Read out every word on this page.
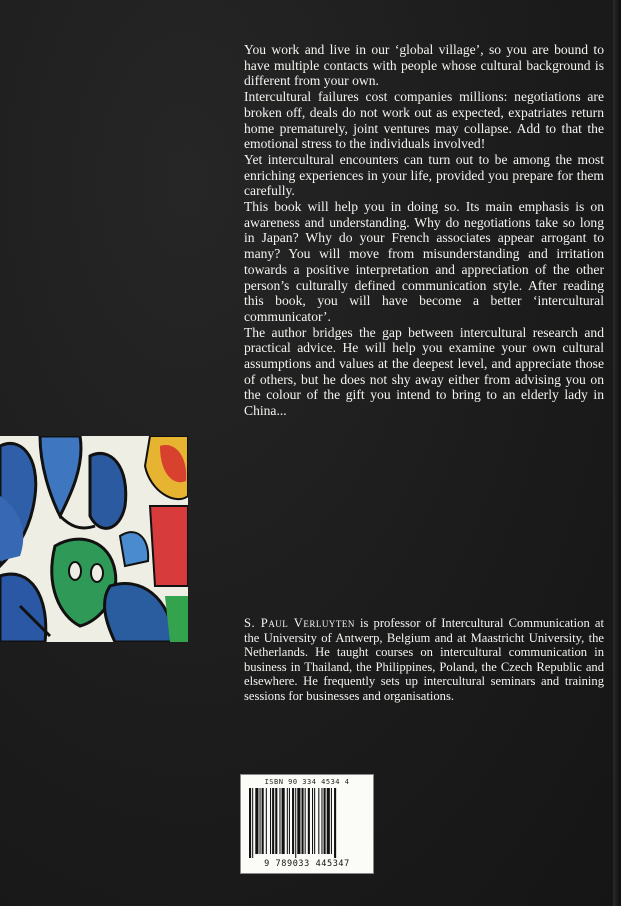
You work and live in our ‘global village’, so you are bound to have multiple contacts with people whose cultural background is different from your own.

Intercultural failures cost companies millions: negotiations are broken off, deals do not work out as expected, expatriates return home prematurely, joint ventures may collapse. Add to that the emotional stress to the individuals involved!

Yet intercultural encounters can turn out to be among the most enriching experiences in your life, provided you prepare for them carefully.

This book will help you in doing so. Its main emphasis is on awareness and understanding. Why do negotiations take so long in Japan? Why do your French associates appear arrogant to many? You will move from misunderstanding and irritation towards a positive interpretation and appreciation of the other person’s culturally defined communication style. After reading this book, you will have become a better ‘intercultural communicator’.

The author bridges the gap between intercultural research and practical advice. He will help you examine your own cultural assumptions and values at the deepest level, and appreciate those of others, but he does not shy away either from advising you on the colour of the gift you intend to bring to an elderly lady in China...

S. Paul Verluyten is professor of Intercultural Communication at the University of Antwerp, Belgium and at Maastricht University, the Netherlands. He taught courses on intercultural communication in business in Thailand, the Philippines, Poland, the Czech Republic and elsewhere. He frequently sets up intercultural seminars and training sessions for businesses and organisations.

ISBN 90 334 4534 4
9 789033 445347
